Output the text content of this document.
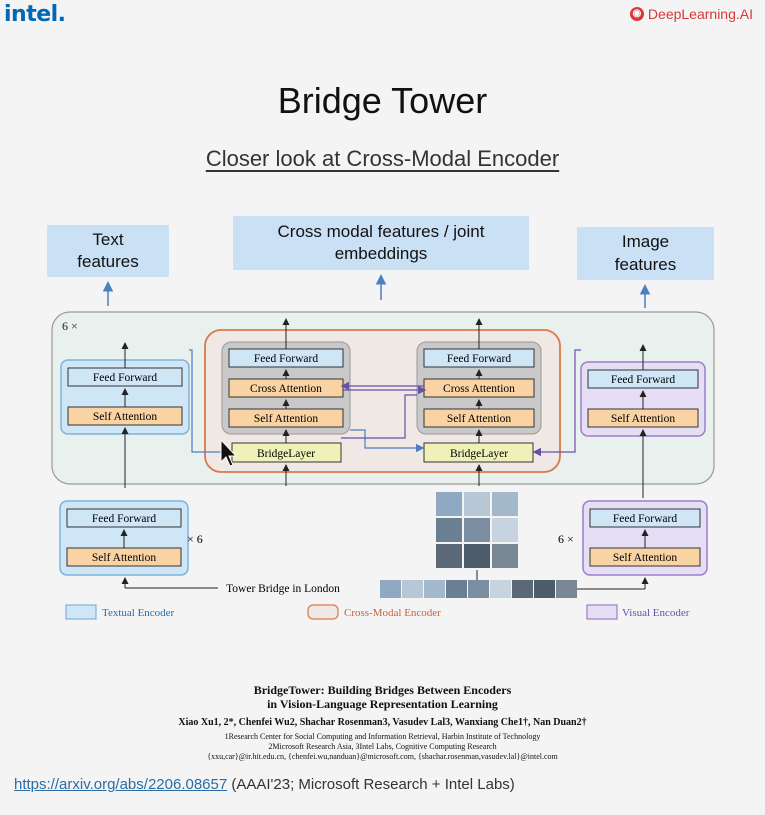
intel.	◉ DeepLearning.AI
Bridge Tower
Closer look at Cross-Modal Encoder
Text features
Cross modal features / joint embeddings
Image features
6 ×
Feed Forward
Self Attention
Feed Forward
Self Attention
Feed Forward
Cross Attention
Self Attention
BridgeLayer
Feed Forward
Cross Attention
Self Attention
BridgeLayer
Feed Forward
Self Attention
× 6
Feed Forward
Self Attention
6 ×
Tower Bridge in London
Textual Encoder	Cross-Modal Encoder	Visual Encoder
BridgeTower: Building Bridges Between Encoders
in Vision-Language Representation Learning
Xiao Xu1, 2*, Chenfei Wu2, Shachar Rosenman3, Vasudev Lal3, Wanxiang Che1†, Nan Duan2†
1Research Center for Social Computing and Information Retrieval, Harbin Institute of Technology
2Microsoft Research Asia, 3Intel Labs, Cognitive Computing Research
{xxu,car}@ir.hit.edu.cn, {chenfei.wu,nanduan}@microsoft.com, {shachar.rosenman,vasudev.lal}@intel.com
https://arxiv.org/abs/2206.08657 (AAAI'23; Microsoft Research + Intel Labs)
